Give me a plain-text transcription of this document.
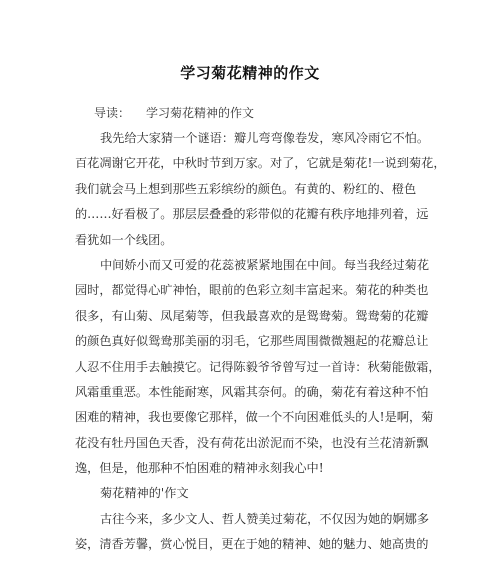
学习菊花精神的作文
导读： 学习菊花精神的作文
我先给大家猜一个谜语：瓣儿弯弯像卷发，寒风冷雨它不怕。
百花凋谢它开花，中秋时节到万家。对了，它就是菊花!一说到菊花，
我们就会马上想到那些五彩缤纷的颜色。有黄的、粉红的、橙色
的……好看极了。那层层叠叠的彩带似的花瓣有秩序地排列着，远
看犹如一个线团。
中间娇小而又可爱的花蕊被紧紧地围在中间。每当我经过菊花
园时，都觉得心旷神怡，眼前的色彩立刻丰富起来。菊花的种类也
很多，有山菊、凤尾菊等，但我最喜欢的是鸳鸯菊。鸳鸯菊的花瓣
的颜色真好似鸳鸯那美丽的羽毛，它那些周围微微翘起的花瓣总让
人忍不住用手去触摸它。记得陈毅爷爷曾写过一首诗：秋菊能傲霜，
风霜重重恶。本性能耐寒，风霜其奈何。的确，菊花有着这种不怕
困难的精神，我也要像它那样，做一个不向困难低头的人!是啊，菊
花没有牡丹国色天香，没有荷花出淤泥而不染，也没有兰花清新飘
逸，但是，他那种不怕困难的精神永刻我心中!
菊花精神的'作文
古往今来，多少文人、哲人赞美过菊花，不仅因为她的婀娜多
姿，清香芳馨，赏心悦目，更在于她的精神、她的魅力、她高贵的
